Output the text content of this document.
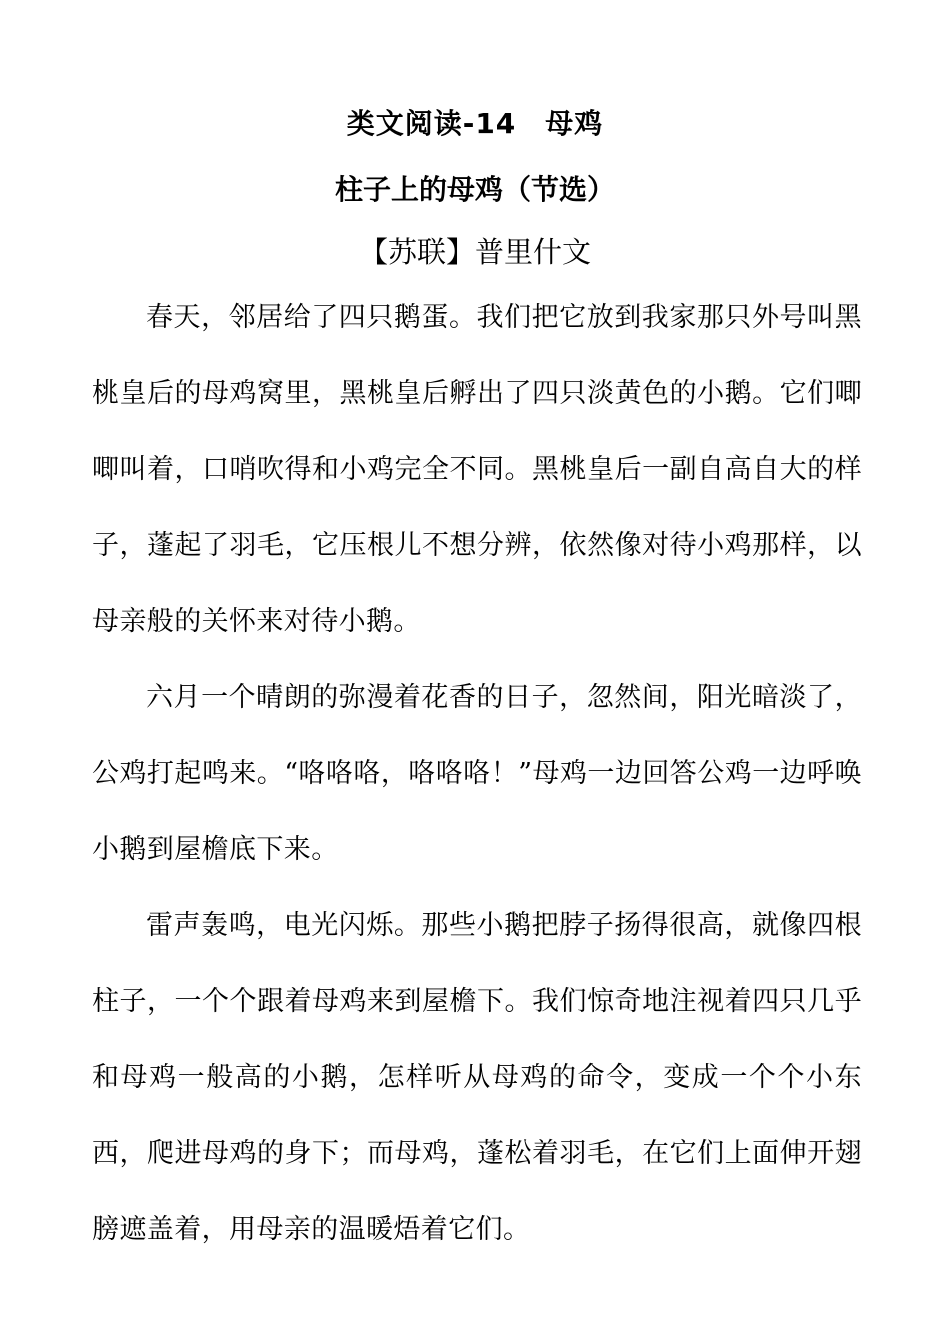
类文阅读-14　母鸡
柱子上的母鸡（节选）

【苏联】普里什文

春天，邻居给了四只鹅蛋。我们把它放到我家那只外号叫黑桃皇后的母鸡窝里，黑桃皇后孵出了四只淡黄色的小鹅。它们唧唧叫着，口哨吹得和小鸡完全不同。黑桃皇后一副自高自大的样子，蓬起了羽毛，它压根儿不想分辨，依然像对待小鸡那样，以母亲般的关怀来对待小鹅。

六月一个晴朗的弥漫着花香的日子，忽然间，阳光暗淡了，公鸡打起鸣来。“咯咯咯，咯咯咯！”母鸡一边回答公鸡一边呼唤小鹅到屋檐底下来。

雷声轰鸣，电光闪烁。那些小鹅把脖子扬得很高，就像四根柱子，一个个跟着母鸡来到屋檐下。我们惊奇地注视着四只几乎和母鸡一般高的小鹅，怎样听从母鸡的命令，变成一个个小东西，爬进母鸡的身下；而母鸡，蓬松着羽毛，在它们上面伸开翅膀遮盖着，用母亲的温暖焐着它们。
